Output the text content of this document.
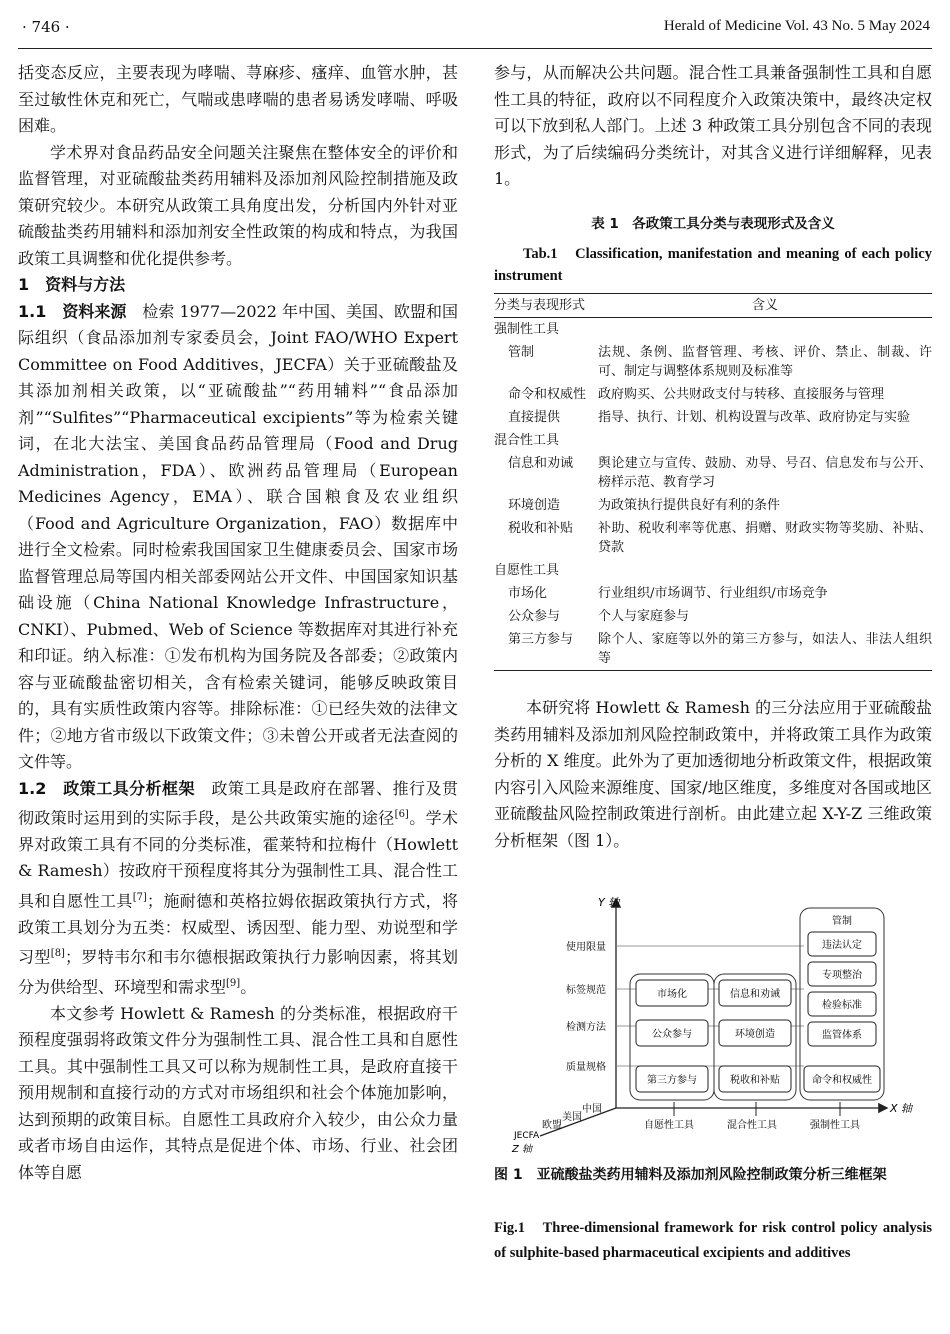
· 746 ·	Herald of Medicine Vol. 43 No. 5 May 2024

括变态反应，主要表现为哮喘、荨麻疹、瘙痒、血管水肿，甚至过敏性休克和死亡，气喘或患哮喘的患者易诱发哮喘、呼吸困难。

学术界对食品药品安全问题关注聚焦在整体安全的评价和监督管理，对亚硫酸盐类药用辅料及添加剂风险控制措施及政策研究较少。本研究从政策工具角度出发，分析国内外针对亚硫酸盐类药用辅料和添加剂安全性政策的构成和特点，为我国政策工具调整和优化提供参考。

1　资料与方法

1.1　资料来源　 检索 1977—2022 年中国、美国、欧盟和国际组织（食品添加剂专家委员会，Joint FAO/WHO Expert Committee on Food Additives，JECFA）关于亚硫酸盐及其添加剂相关政策，以“亚硫酸盐”“药用辅料”“食品添加剂”“Sulfites”“Pharmaceutical excipients”等为检索关键词，在北大法宝、美国食品药品管理局（Food and Drug Administration，FDA）、欧洲药品管理局（European Medicines Agency，EMA）、联合国粮食及农业组织（Food and Agriculture Organization，FAO）数据库中进行全文检索。同时检索我国国家卫生健康委员会、国家市场监督管理总局等国内相关部委网站公开文件、中国国家知识基础设施（China National Knowledge Infrastructure，CNKI）、Pubmed、Web of Science 等数据库对其进行补充和印证。纳入标准：①发布机构为国务院及各部委；②政策内容与亚硫酸盐密切相关，含有检索关键词，能够反映政策目的，具有实质性政策内容等。排除标准：①已经失效的法律文件；②地方省市级以下政策文件；③未曾公开或者无法查阅的文件等。

1.2　政策工具分析框架　 政策工具是政府在部署、推行及贯彻政策时运用到的实际手段，是公共政策实施的途径[6]。学术界对政策工具有不同的分类标准，霍莱特和拉梅什（Howlett & Ramesh）按政府干预程度将其分为强制性工具、混合性工具和自愿性工具[7]；施耐德和英格拉姆依据政策执行方式，将政策工具划分为五类：权威型、诱因型、能力型、劝说型和学习型[8]；罗特韦尔和韦尔德根据政策执行力影响因素，将其划分为供给型、环境型和需求型[9]。

本文参考 Howlett & Ramesh 的分类标准，根据政府干预程度强弱将政策文件分为强制性工具、混合性工具和自愿性工具。其中强制性工具又可以称为规制性工具，是政府直接干预用规制和直接行动的方式对市场组织和社会个体施加影响，达到预期的政策目标。自愿性工具政府介入较少，由公众力量或者市场自由运作，其特点是促进个体、市场、行业、社会团体等自愿

参与，从而解决公共问题。混合性工具兼备强制性工具和自愿性工具的特征，政府以不同程度介入政策决策中，最终决定权可以下放到私人部门。上述 3 种政策工具分别包含不同的表现形式，为了后续编码分类统计，对其含义进行详细解释，见表 1。

表 1　各政策工具分类与表现形式及含义
Tab.1　Classification, manifestation and meaning of each policy instrument
分类与表现形式	含义
强制性工具	
管制	法规、条例、监督管理、考核、评价、禁止、制裁、许可、制定与调整体系规则及标准等
命令和权威性	政府购买、公共财政支付与转移、直接服务与管理
直接提供	指导、执行、计划、机构设置与改革、政府协定与实验
混合性工具	
信息和劝诫	舆论建立与宣传、鼓励、劝导、号召、信息发布与公开、榜样示范、教育学习
环境创造	为政策执行提供良好有利的条件
税收和补贴	补助、税收利率等优惠、捐赠、财政实物等奖励、补贴、贷款
自愿性工具	
市场化	行业组织/市场调节、行业组织/市场竞争
公众参与	个人与家庭参与
第三方参与	除个人、家庭等以外的第三方参与，如法人、非法人组织等

本研究将 Howlett & Ramesh 的三分法应用于亚硫酸盐类药用辅料及添加剂风险控制政策中，并将政策工具作为政策分析的 X 维度。此外为了更加透彻地分析政策文件，根据政策内容引入风险来源维度、国家/地区维度，多维度对各国或地区亚硫酸盐风险控制政策进行剖析。由此建立起 X-Y-Z 三维政策分析框架（图 1）。

Y 轴
X 轴
Z 轴
使用限量
标签规范
检测方法
质量规格
中国
美国
欧盟
JECFA
自愿性工具	混合性工具	强制性工具
市场化
公众参与
第三方参与
信息和劝诫
环境创造
税收和补贴
管制
违法认定
专项整治
检验标准
监管体系
命令和权威性
图 1　亚硫酸盐类药用辅料及添加剂风险控制政策分析三维框架
Fig.1　Three-dimensional framework for risk control policy analysis of sulphite-based pharmaceutical excipients and additives
